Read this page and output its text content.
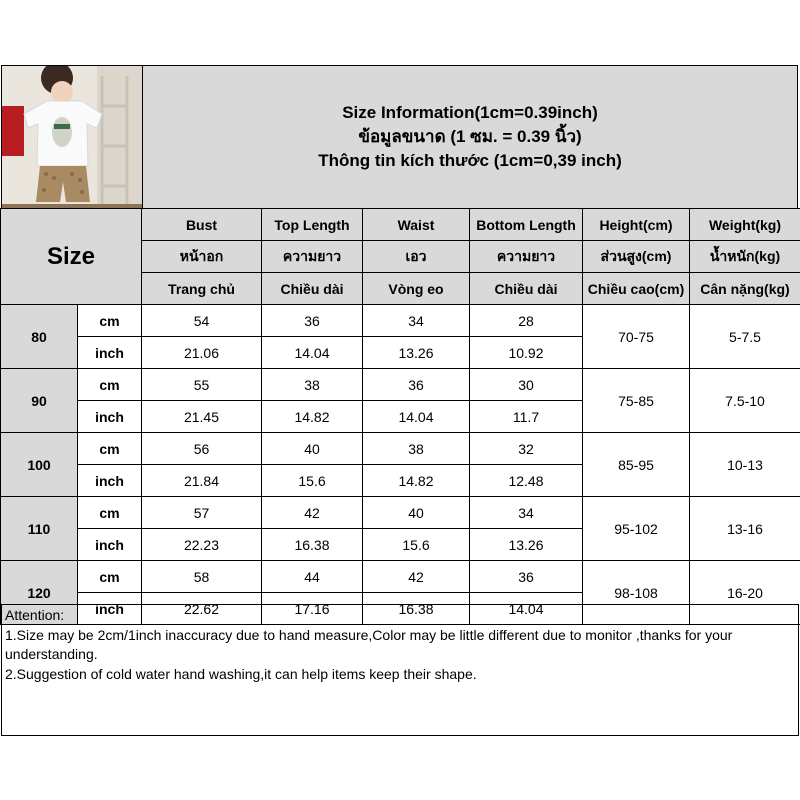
Size Information(1cm=0.39inch)
ข้อมูลขนาด (1 ซม. = 0.39 นิ้ว)
Thông tin kích thước (1cm=0,39 inch)
Size		Bust	Top Length	Waist	Bottom Length	Height(cm)	Weight(kg)
		หน้าอก	ความยาว	เอว	ความยาว	ส่วนสูง(cm)	น้ำหนัก(kg)
		Trang chủ	Chiều dài	Vòng eo	Chiều dài	Chiều cao(cm)	Cân nặng(kg)
80	cm	54	36	34	28	70-75	5-7.5
	inch	21.06	14.04	13.26	10.92		
90	cm	55	38	36	30	75-85	7.5-10
	inch	21.45	14.82	14.04	11.7		
100	cm	56	40	38	32	85-95	10-13
	inch	21.84	15.6	14.82	12.48		
110	cm	57	42	40	34	95-102	13-16
	inch	22.23	16.38	15.6	13.26		
120	cm	58	44	42	36	98-108	16-20
	inch	22.62	17.16	16.38	14.04		
Attention:
1.Size may be 2cm/1inch inaccuracy due to hand measure,Color may be little different due to monitor ,thanks for your understanding.
2.Suggestion of cold water hand washing,it can help items keep their shape.
